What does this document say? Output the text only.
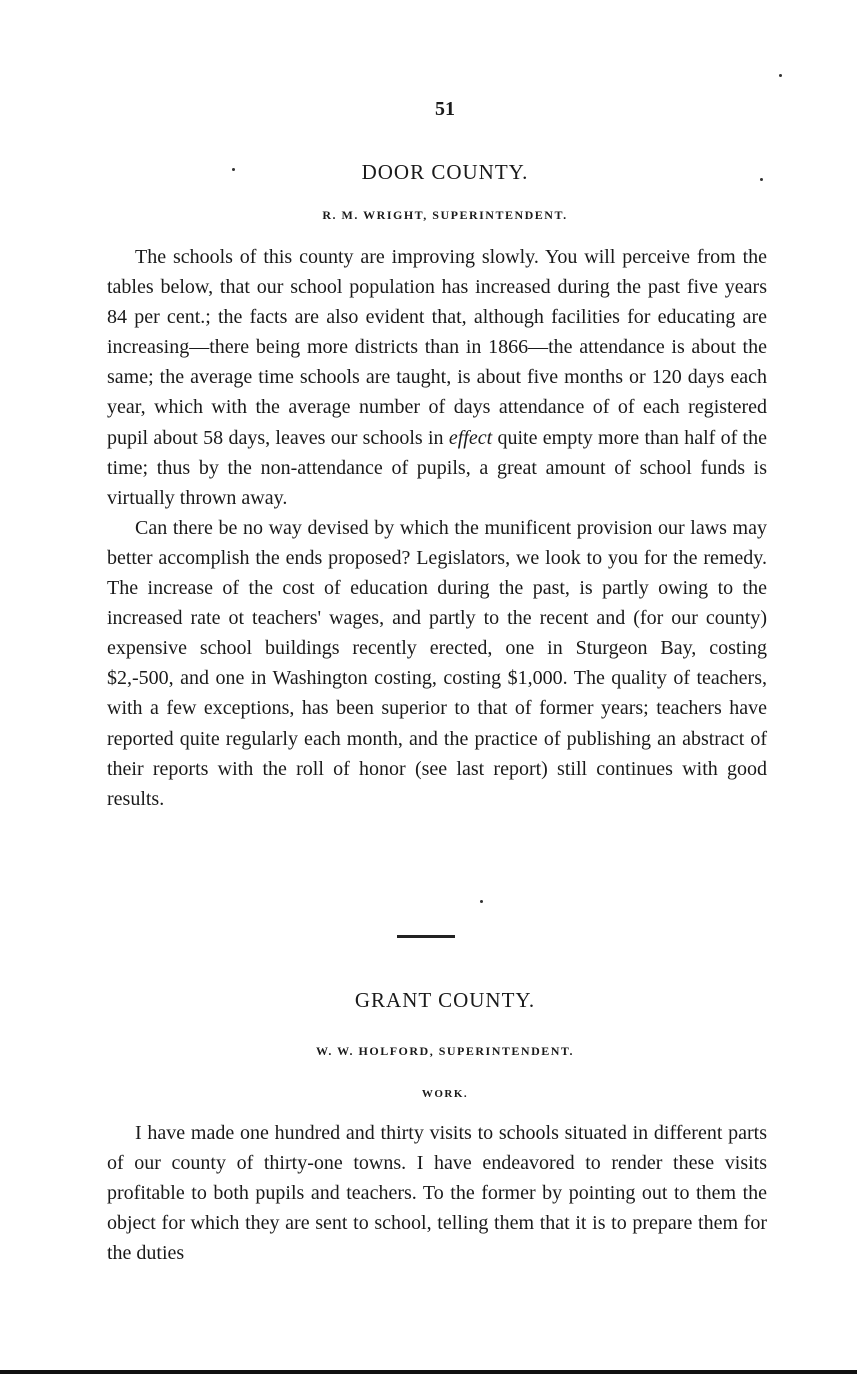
51
DOOR COUNTY.
R. M. WRIGHT, SUPERINTENDENT.

The schools of this county are improving slowly. You will perceive from the tables below, that our school population has increased during the past five years 84 per cent.; the facts are also evident that, although facilities for educating are increasing—there being more districts than in 1866—the attendance is about the same; the average time schools are taught, is about five months or 120 days each year, which with the average number of days attendance of of each registered pupil about 58 days, leaves our schools in effect quite empty more than half of the time; thus by the non-attendance of pupils, a great amount of school funds is virtually thrown away.

Can there be no way devised by which the munificent provision our laws may better accomplish the ends proposed? Legislators, we look to you for the remedy. The increase of the cost of education during the past, is partly owing to the increased rate ot teachers' wages, and partly to the recent and (for our county) expensive school buildings recently erected, one in Sturgeon Bay, costing $2,-500, and one in Washington costing, costing $1,000. The quality of teachers, with a few exceptions, has been superior to that of former years; teachers have reported quite regularly each month, and the practice of publishing an abstract of their reports with the roll of honor (see last report) still continues with good results.

GRANT COUNTY.
W. W. HOLFORD, SUPERINTENDENT.
WORK.

I have made one hundred and thirty visits to schools situated in different parts of our county of thirty-one towns. I have endeavored to render these visits profitable to both pupils and teachers. To the former by pointing out to them the object for which they are sent to school, telling them that it is to prepare them for the duties
